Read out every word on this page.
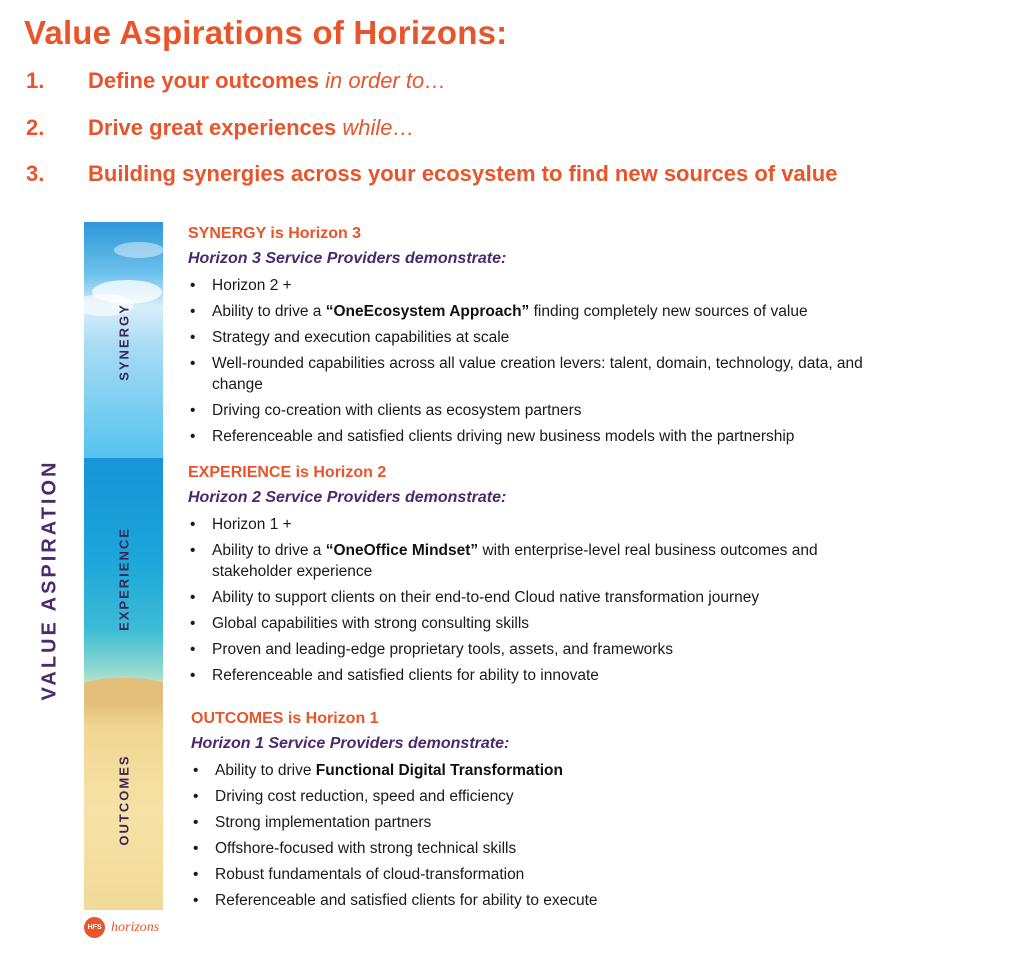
Value Aspirations of Horizons:
1. Define your outcomes in order to…
2. Drive great experiences while…
3. Building synergies across your ecosystem to find new sources of value
VALUE ASPIRATION
SYNERGY
EXPERIENCE
OUTCOMES
HFS horizons
SYNERGY is Horizon 3
Horizon 3 Service Providers demonstrate:
• Horizon 2 +
• Ability to drive a “OneEcosystem Approach” finding completely new sources of value
• Strategy and execution capabilities at scale
• Well-rounded capabilities across all value creation levers: talent, domain, technology, data, and change
• Driving co-creation with clients as ecosystem partners
• Referenceable and satisfied clients driving new business models with the partnership
EXPERIENCE is Horizon 2
Horizon 2 Service Providers demonstrate:
• Horizon 1 +
• Ability to drive a “OneOffice Mindset” with enterprise-level real business outcomes and stakeholder experience
• Ability to support clients on their end-to-end Cloud native transformation journey
• Global capabilities with strong consulting skills
• Proven and leading-edge proprietary tools, assets, and frameworks
• Referenceable and satisfied clients for ability to innovate
OUTCOMES is Horizon 1
Horizon 1 Service Providers demonstrate:
• Ability to drive Functional Digital Transformation
• Driving cost reduction, speed and efficiency
• Strong implementation partners
• Offshore-focused with strong technical skills
• Robust fundamentals of cloud-transformation
• Referenceable and satisfied clients for ability to execute
